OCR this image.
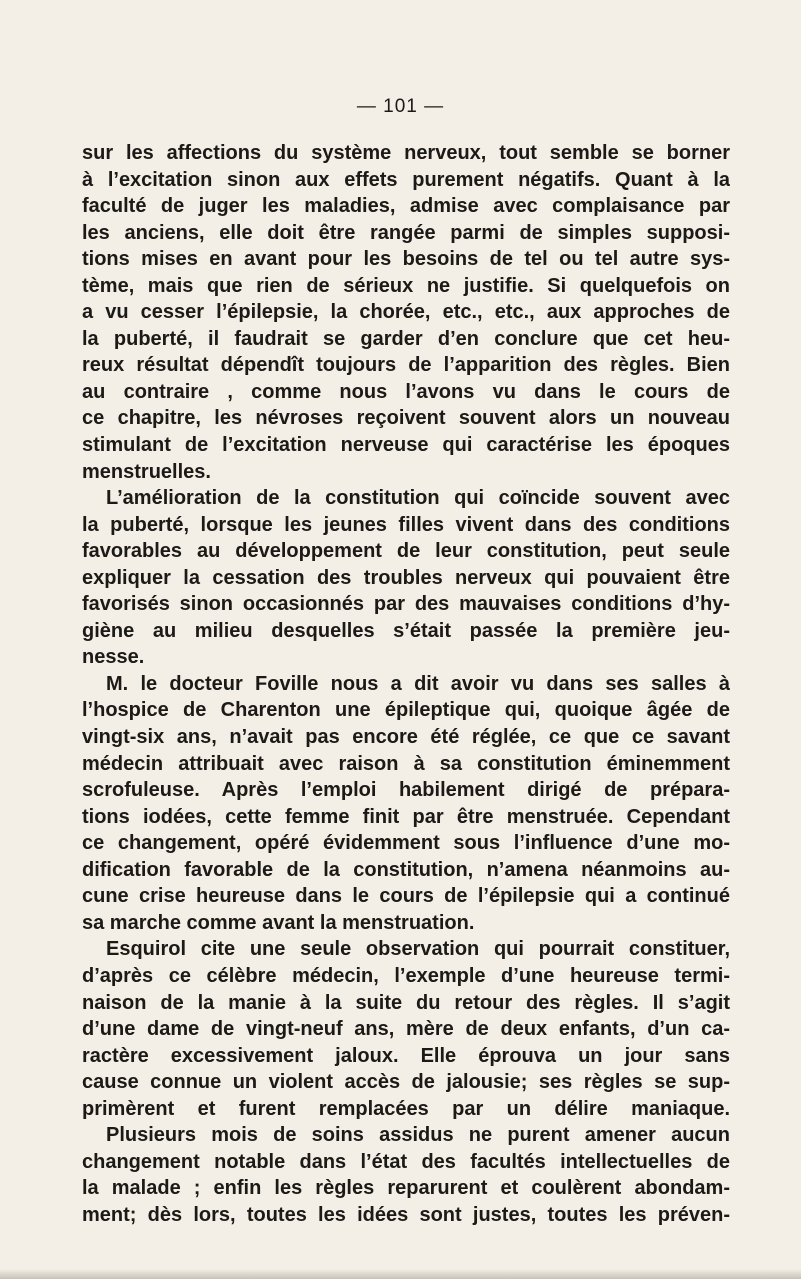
— 101 —
sur les affections du système nerveux, tout semble se borner
à l’excitation sinon aux effets purement négatifs. Quant à la
faculté de juger les maladies, admise avec complaisance par
les anciens, elle doit être rangée parmi de simples supposi-
tions mises en avant pour les besoins de tel ou tel autre sys-
tème, mais que rien de sérieux ne justifie. Si quelquefois on
a vu cesser l’épilepsie, la chorée, etc., etc., aux approches de
la puberté, il faudrait se garder d’en conclure que cet heu-
reux résultat dépendît toujours de l’apparition des règles. Bien
au contraire , comme nous l’avons vu dans le cours de
ce chapitre, les névroses reçoivent souvent alors un nouveau
stimulant de l’excitation nerveuse qui caractérise les époques
menstruelles.
L’amélioration de la constitution qui coïncide souvent avec
la puberté, lorsque les jeunes filles vivent dans des conditions
favorables au développement de leur constitution, peut seule
expliquer la cessation des troubles nerveux qui pouvaient être
favorisés sinon occasionnés par des mauvaises conditions d’hy-
giène au milieu desquelles s’était passée la première jeu-
nesse.
M. le docteur Foville nous a dit avoir vu dans ses salles à
l’hospice de Charenton une épileptique qui, quoique âgée de
vingt-six ans, n’avait pas encore été réglée, ce que ce savant
médecin attribuait avec raison à sa constitution éminemment
scrofuleuse. Après l’emploi habilement dirigé de prépara-
tions iodées, cette femme finit par être menstruée. Cependant
ce changement, opéré évidemment sous l’influence d’une mo-
dification favorable de la constitution, n’amena néanmoins au-
cune crise heureuse dans le cours de l’épilepsie qui a continué
sa marche comme avant la menstruation.
Esquirol cite une seule observation qui pourrait constituer,
d’après ce célèbre médecin, l’exemple d’une heureuse termi-
naison de la manie à la suite du retour des règles. Il s’agit
d’une dame de vingt-neuf ans, mère de deux enfants, d’un ca-
ractère excessivement jaloux. Elle éprouva un jour sans
cause connue un violent accès de jalousie; ses règles se sup-
primèrent et furent remplacées par un délire maniaque.
Plusieurs mois de soins assidus ne purent amener aucun
changement notable dans l’état des facultés intellectuelles de
la malade ; enfin les règles reparurent et coulèrent abondam-
ment; dès lors, toutes les idées sont justes, toutes les préven-
